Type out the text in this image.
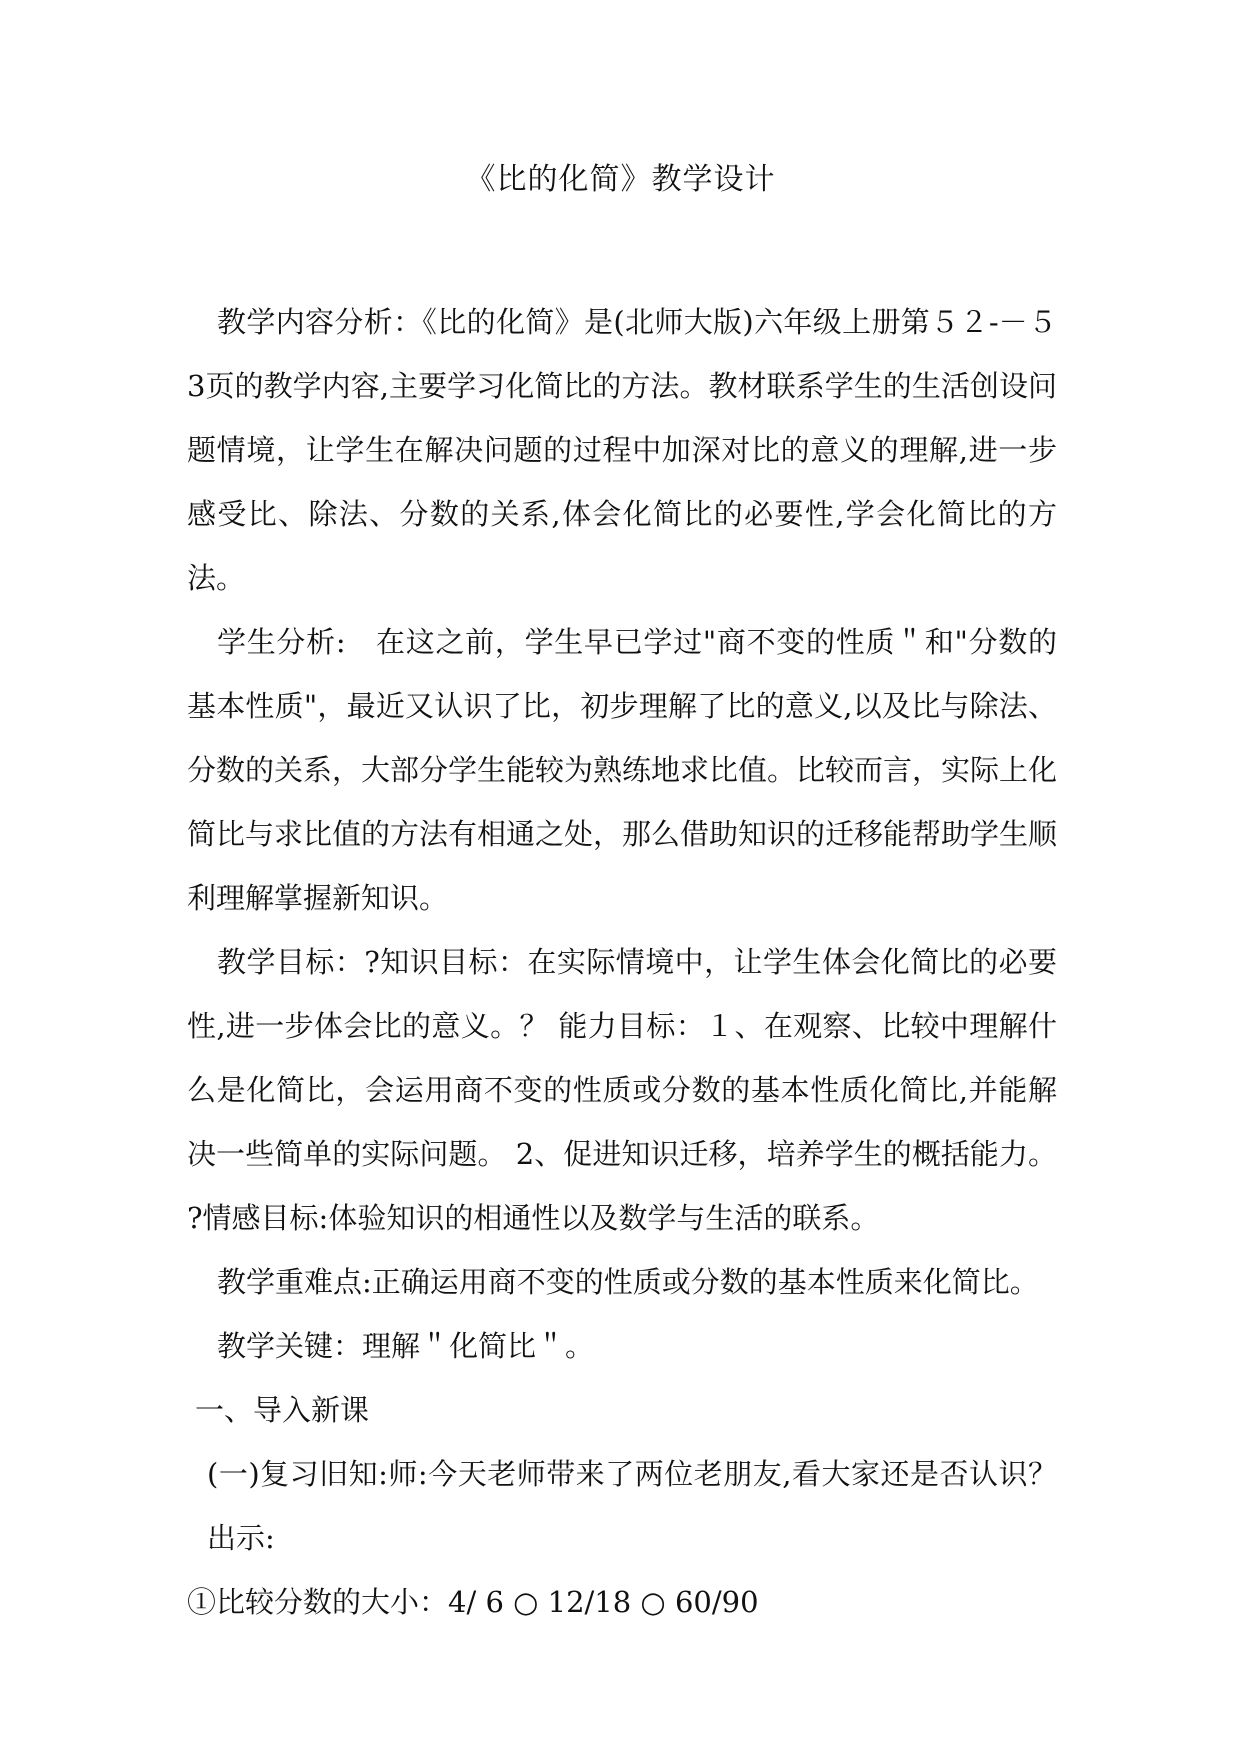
《比的化简》教学设计

教学内容分析：《比的化简》是(北师大版)六年级上册第５２-－５3页的教学内容,主要学习化简比的方法。教材联系学生的生活创设问题情境，让学生在解决问题的过程中加深对比的意义的理解,进一步感受比、除法、分数的关系,体会化简比的必要性,学会化简比的方法。

学生分析:　在这之前，学生早已学过"商不变的性质＂和"分数的基本性质"，最近又认识了比，初步理解了比的意义,以及比与除法、分数的关系，大部分学生能较为熟练地求比值。比较而言，实际上化简比与求比值的方法有相通之处，那么借助知识的迁移能帮助学生顺利理解掌握新知识。

教学目标：?知识目标：在实际情境中，让学生体会化简比的必要性,进一步体会比的意义。？ 能力目标：１、在观察、比较中理解什么是化简比，会运用商不变的性质或分数的基本性质化简比,并能解决一些简单的实际问题。 2、促进知识迁移，培养学生的概括能力。 ?情感目标:体验知识的相通性以及数学与生活的联系。

教学重难点:正确运用商不变的性质或分数的基本性质来化简比。

教学关键：理解＂化简比＂。

一、导入新课

(一)复习旧知:师:今天老师带来了两位老朋友,看大家还是否认识？出示:

①比较分数的大小：4/ 6 ○ 12/18 ○ 60/90
